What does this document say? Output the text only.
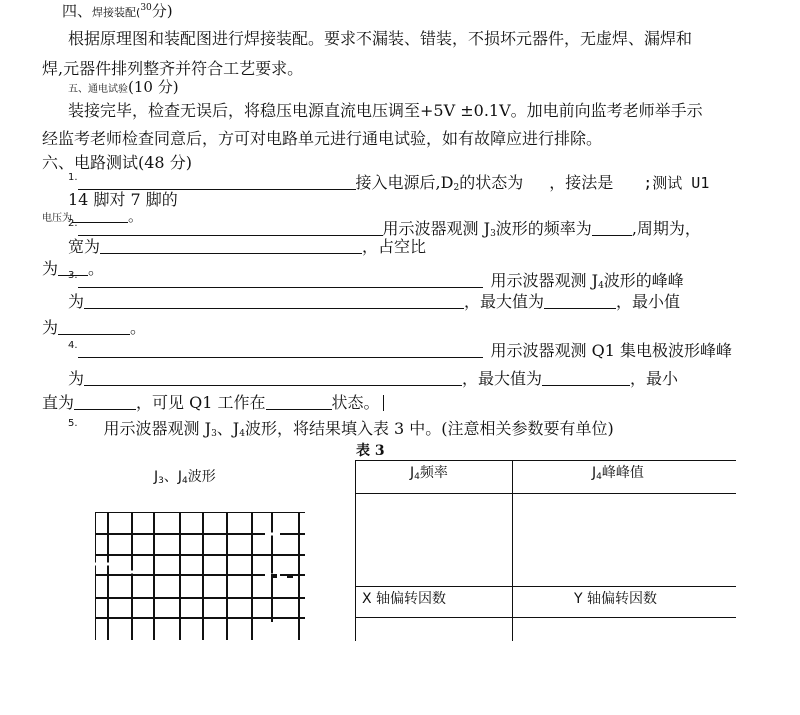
四、焊接装配($^{30}$分)
根据原理图和装配图进行焊接装配。要求不漏装、错装，不损坏元器件，无虚焊、漏焊和
焊,元器件排列整齐并符合工艺要求。
五、通电试验(10 分)
装接完毕，检查无误后，将稳压电源直流电压调至+5V ±0.1V。加电前向监考老师举手示
经监考老师检查同意后，方可对电路单元进行通电试验，如有故障应进行排除。
六、电路测试(48 分)
$^{1.}$	接入电源后$,D_2$的状态为 ，接法是 ;测试 U1
14 脚对 7 脚的
电压为	。
$^{2.}$	用示波器观测 $J_3$波形的频率为	,周期为，
宽为	，占空比
为 。
$^{3.}$	用示波器观测 $J_4$波形的峰峰
为	，最大值为	，最小值
为	。
$^{4.}$	用示波器观测 Q1 集电极波形峰峰
为	，最大值为	，最小
直为	，可见 Q1 工作在	状态。
$^{5.}$ 用示波器观测 $J_3$、$J_4$波形，将结果填入表 3 中。(注意相关参数要有单位)
表 3
$J_3$、$J_4$波形	$J_4$频率	$J_4$峰峰值
X 轴偏转因数	Y 轴偏转因数
